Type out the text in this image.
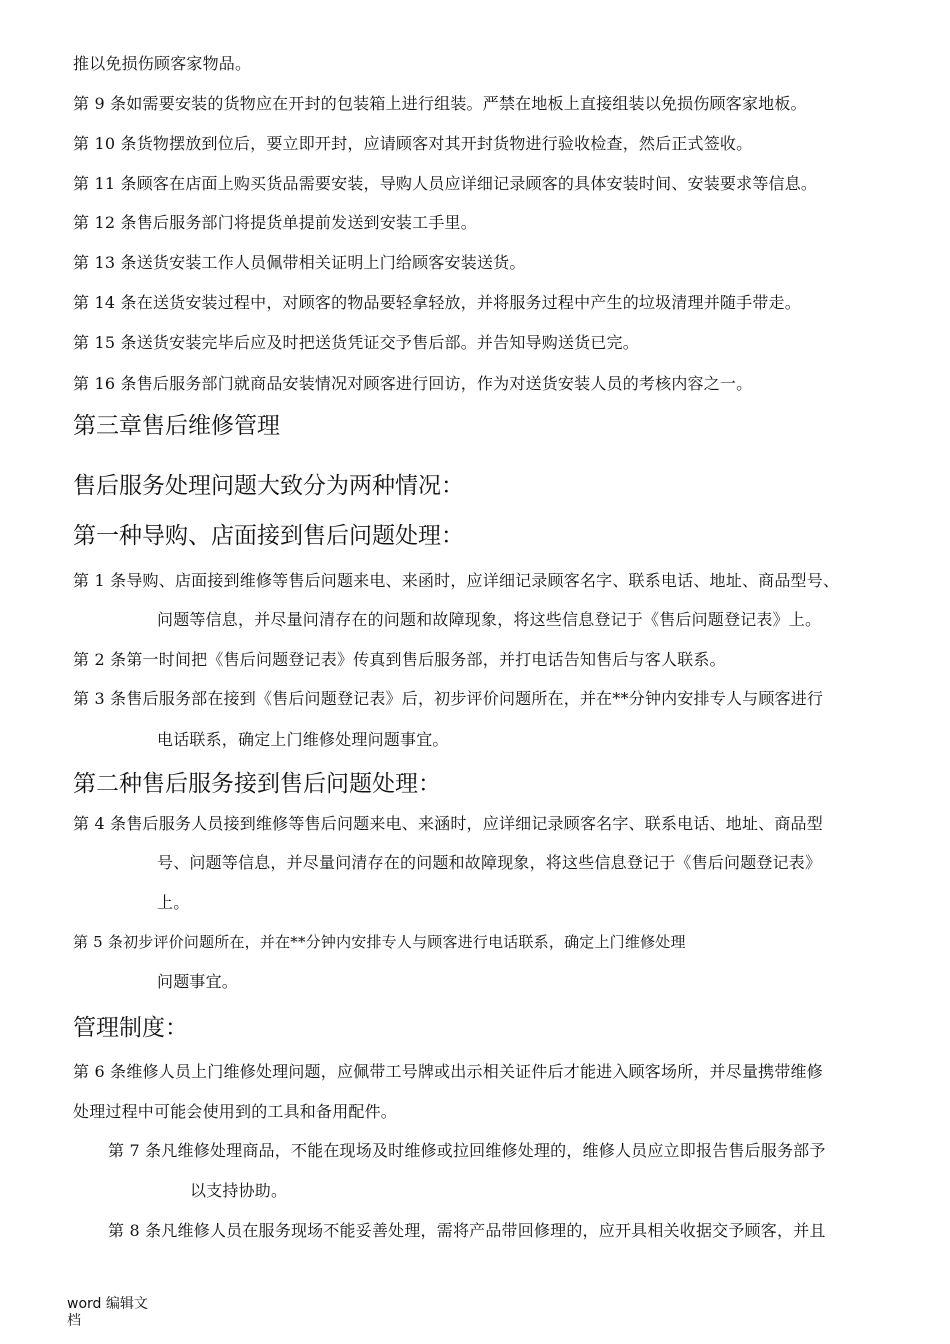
推以免损伤顾客家物品。
第 9 条如需要安装的货物应在开封的包装箱上进行组装。严禁在地板上直接组装以免损伤顾客家地板。
第 10 条货物摆放到位后，要立即开封，应请顾客对其开封货物进行验收检查，然后正式签收。
第 11 条顾客在店面上购买货品需要安装，导购人员应详细记录顾客的具体安装时间、安装要求等信息。
第 12 条售后服务部门将提货单提前发送到安装工手里。
第 13 条送货安装工作人员佩带相关证明上门给顾客安装送货。
第 14 条在送货安装过程中，对顾客的物品要轻拿轻放，并将服务过程中产生的垃圾清理并随手带走。
第 15 条送货安装完毕后应及时把送货凭证交予售后部。并告知导购送货已完。
第 16 条售后服务部门就商品安装情况对顾客进行回访，作为对送货安装人员的考核内容之一。
第三章售后维修管理
售后服务处理问题大致分为两种情况：
第一种导购、店面接到售后问题处理：
第 1 条导购、店面接到维修等售后问题来电、来函时，应详细记录顾客名字、联系电话、地址、商品型号、
问题等信息，并尽量问清存在的问题和故障现象，将这些信息登记于《售后问题登记表》上。
第 2 条第一时间把《售后问题登记表》传真到售后服务部，并打电话告知售后与客人联系。
第 3 条售后服务部在接到《售后问题登记表》后，初步评价问题所在，并在**分钟内安排专人与顾客进行
电话联系，确定上门维修处理问题事宜。
第二种售后服务接到售后问题处理：
第 4 条售后服务人员接到维修等售后问题来电、来涵时，应详细记录顾客名字、联系电话、地址、商品型
号、问题等信息，并尽量问清存在的问题和故障现象，将这些信息登记于《售后问题登记表》
上。
第 5 条初步评价问题所在，并在**分钟内安排专人与顾客进行电话联系，确定上门维修处理
问题事宜。
管理制度：
第 6 条维修人员上门维修处理问题，应佩带工号牌或出示相关证件后才能进入顾客场所，并尽量携带维修
处理过程中可能会使用到的工具和备用配件。
第 7 条凡维修处理商品，不能在现场及时维修或拉回维修处理的，维修人员应立即报告售后服务部予
以支持协助。
第 8 条凡维修人员在服务现场不能妥善处理，需将产品带回修理的，应开具相关收据交予顾客，并且
word 编辑文
档
